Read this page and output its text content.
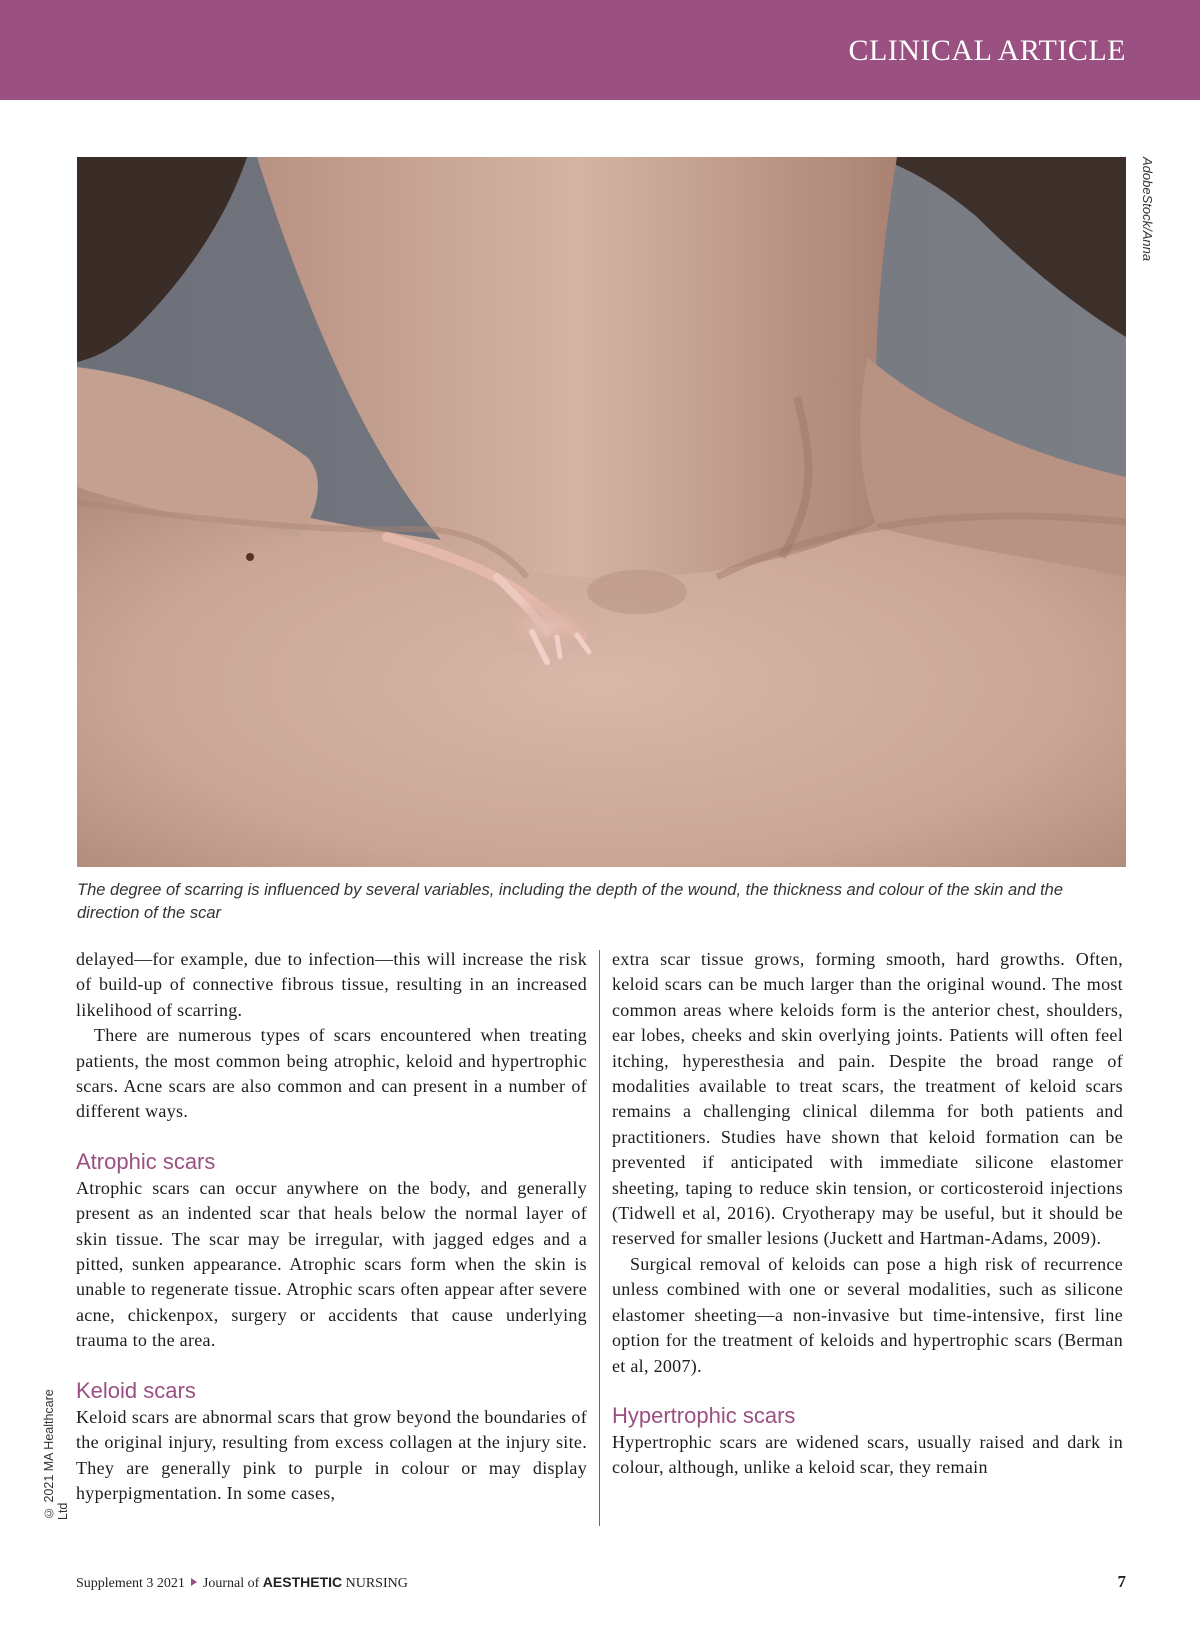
CLINICAL ARTICLE
AdobeStock/Anna
The degree of scarring is influenced by several variables, including the depth of the wound, the thickness and colour of the skin and the direction of the scar

delayed—for example, due to infection—this will increase the risk of build-up of connective fibrous tissue, resulting in an increased likelihood of scarring.

There are numerous types of scars encountered when treating patients, the most common being atrophic, keloid and hypertrophic scars. Acne scars are also common and can present in a number of different ways.

Atrophic scars

Atrophic scars can occur anywhere on the body, and generally present as an indented scar that heals below the normal layer of skin tissue. The scar may be irregular, with jagged edges and a pitted, sunken appearance. Atrophic scars form when the skin is unable to regenerate tissue. Atrophic scars often appear after severe acne, chickenpox, surgery or accidents that cause underlying trauma to the area.

Keloid scars

Keloid scars are abnormal scars that grow beyond the boundaries of the original injury, resulting from excess collagen at the injury site. They are generally pink to purple in colour or may display hyperpigmentation. In some cases,

extra scar tissue grows, forming smooth, hard growths. Often, keloid scars can be much larger than the original wound. The most common areas where keloids form is the anterior chest, shoulders, ear lobes, cheeks and skin overlying joints. Patients will often feel itching, hyperesthesia and pain. Despite the broad range of modalities available to treat scars, the treatment of keloid scars remains a challenging clinical dilemma for both patients and practitioners. Studies have shown that keloid formation can be prevented if anticipated with immediate silicone elastomer sheeting, taping to reduce skin tension, or corticosteroid injections (Tidwell et al, 2016). Cryotherapy may be useful, but it should be reserved for smaller lesions (Juckett and Hartman-Adams, 2009).

Surgical removal of keloids can pose a high risk of recurrence unless combined with one or several modalities, such as silicone elastomer sheeting—a non-invasive but time-intensive, first line option for the treatment of keloids and hypertrophic scars (Berman et al, 2007).

Hypertrophic scars

Hypertrophic scars are widened scars, usually raised and dark in colour, although, unlike a keloid scar, they remain

© 2021 MA Healthcare Ltd
Supplement 3 2021 Journal of AESTHETIC NURSING	7
